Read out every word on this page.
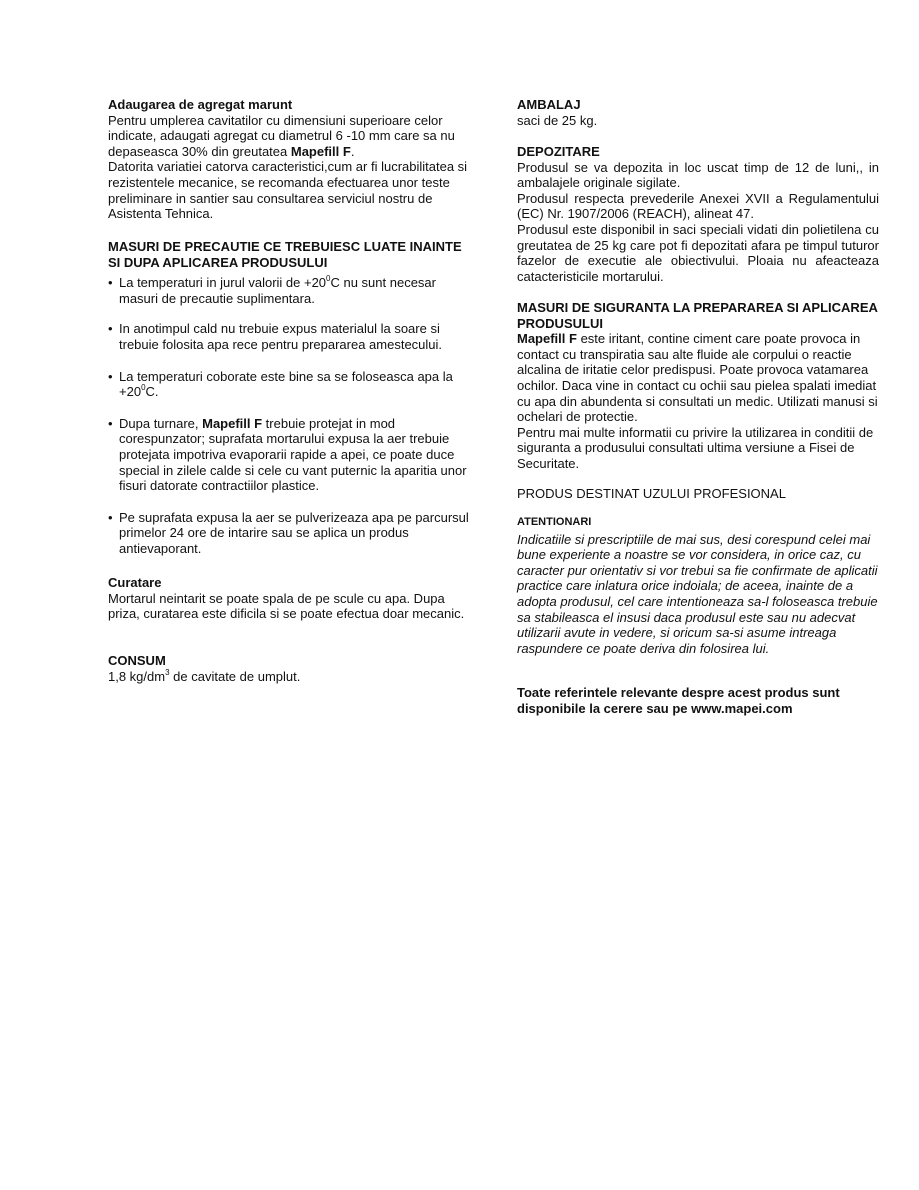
Adaugarea de agregat marunt

Pentru umplerea cavitatilor cu dimensiuni superioare celor indicate, adaugati agregat cu diametrul 6 -10 mm care sa nu depaseasca 30% din greutatea Mapefill F.

Datorita variatiei catorva caracteristici,cum ar fi lucrabilitatea si rezistentele mecanice, se recomanda efectuarea unor teste preliminare in santier sau consultarea serviciul nostru de Asistenta Tehnica.

MASURI DE PRECAUTIE CE TREBUIESC LUATE INAINTE SI DUPA APLICAREA PRODUSULUI
• La temperaturi in jurul valorii de $+20^0C$ nu sunt necesar masuri de precautie suplimentara.
• In anotimpul cald nu trebuie expus materialul la soare si trebuie folosita apa rece pentru prepararea amestecului.
• La temperaturi coborate este bine sa se foloseasca apa la $+20^0C$.
• Dupa turnare, Mapefill F trebuie protejat in mod corespunzator; suprafata mortarului expusa la aer trebuie protejata impotriva evaporarii rapide a apei, ce poate duce special in zilele calde si cele cu vant puternic la aparitia unor fisuri datorate contractiilor plastice.
• Pe suprafata expusa la aer se pulverizeaza apa pe parcursul primelor 24 ore de intarire sau se aplica un produs antievaporant.
Curatare

Mortarul neintarit se poate spala de pe scule cu apa. Dupa priza, curatarea este dificila si se poate efectua doar mecanic.

CONSUM

1,8 $kg/dm^3$ de cavitate de umplut.

AMBALAJ

saci de 25 kg.

DEPOZITARE

Produsul se va depozita in loc uscat timp de 12 de luni,, in ambalajele originale sigilate.

Produsul respecta prevederile Anexei XVII a Regulamentului (EC) Nr. 1907/2006 (REACH), alineat 47.

Produsul este disponibil in saci speciali vidati din polietilena cu greutatea de 25 kg care pot fi depozitati afara pe timpul tuturor fazelor de executie ale obiectivului. Ploaia nu afeacteaza catacteristicile mortarului.

MASURI DE SIGURANTA LA PREPARAREA SI APLICAREA PRODUSULUI

Mapefill F este iritant, contine ciment care poate provoca in contact cu transpiratia sau alte fluide ale corpului o reactie alcalina de iritatie celor predispusi. Poate provoca vatamarea ochilor. Daca vine in contact cu ochii sau pielea spalati imediat cu apa din abundenta si consultati un medic. Utilizati manusi si ochelari de protectie.

Pentru mai multe informatii cu privire la utilizarea in conditii de siguranta a produsului consultati ultima versiune a Fisei de Securitate.

PRODUS DESTINAT UZULUI PROFESIONAL

ATENTIONARI

Indicatiile si prescriptiile de mai sus, desi corespund celei mai bune experiente a noastre se vor considera, in orice caz, cu caracter pur orientativ si vor trebui sa fie confirmate de aplicatii practice care inlatura orice indoiala; de aceea, inainte de a adopta produsul, cel care intentioneaza sa-l foloseasca trebuie sa stabileasca el insusi daca produsul este sau nu adecvat utilizarii avute in vedere, si oricum sa-si asume intreaga raspundere ce poate deriva din folosirea lui.

Toate referintele relevante despre acest produs sunt disponibile la cerere sau pe www.mapei.com
